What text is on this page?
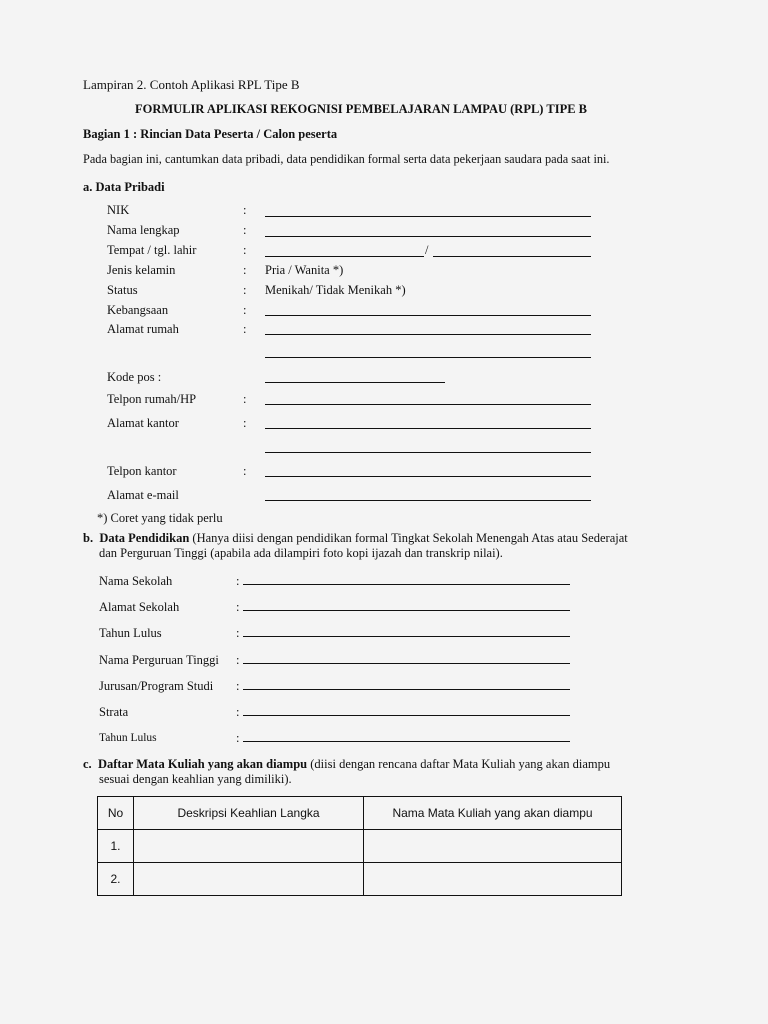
Lampiran 2. Contoh Aplikasi RPL Tipe B
FORMULIR APLIKASI REKOGNISI PEMBELAJARAN LAMPAU (RPL) TIPE B
Bagian 1 : Rincian Data Peserta / Calon peserta
Pada bagian ini, cantumkan data pribadi, data pendidikan formal serta data pekerjaan saudara pada saat ini.
a. Data Pribadi
NIK	:
Nama lengkap	:
Tempat / tgl. lahir	:	/
Jenis kelamin	: Pria / Wanita *)
Status	: Menikah/ Tidak Menikah *)
Kebangsaan	:
Alamat rumah	:
Kode pos :
Telpon rumah/HP	:
Alamat kantor	:
Telpon kantor	:
Alamat e-mail
*) Coret yang tidak perlu
b. Data Pendidikan (Hanya diisi dengan pendidikan formal Tingkat Sekolah Menengah Atas atau Sederajat
dan Perguruan Tinggi (apabila ada dilampiri foto kopi ijazah dan transkrip nilai).
Nama Sekolah	:
Alamat Sekolah	:
Tahun Lulus	:
Nama Perguruan Tinggi :
Jurusan/Program Studi :
Strata	:
Tahun Lulus	:
c. Daftar Mata Kuliah yang akan diampu (diisi dengan rencana daftar Mata Kuliah yang akan diampu
sesuai dengan keahlian yang dimiliki).
No	Deskripsi Keahlian Langka	Nama Mata Kuliah yang akan diampu
1.		
2.		
